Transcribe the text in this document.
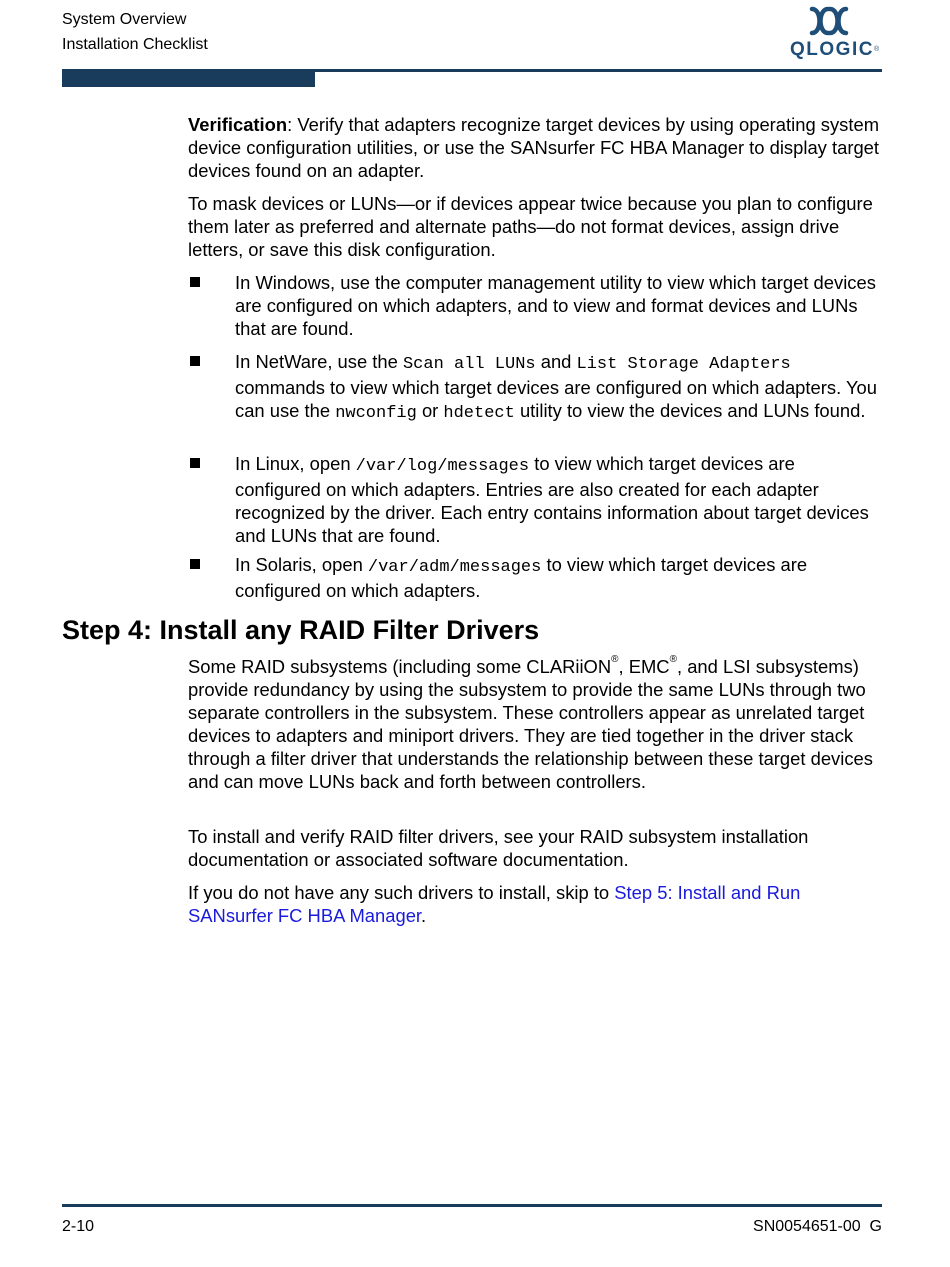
System Overview
Installation Checklist	QLOGIC®
Verification: Verify that adapters recognize target devices by using operating system device configuration utilities, or use the SANsurfer FC HBA Manager to display target devices found on an adapter.
To mask devices or LUNs—or if devices appear twice because you plan to configure them later as preferred and alternate paths—do not format devices, assign drive letters, or save this disk configuration.
In Windows, use the computer management utility to view which target devices are configured on which adapters, and to view and format devices and LUNs that are found.
In NetWare, use the Scan all LUNs and List Storage Adapters commands to view which target devices are configured on which adapters. You can use the nwconfig or hdetect utility to view the devices and LUNs found.
In Linux, open /var/log/messages to view which target devices are configured on which adapters. Entries are also created for each adapter recognized by the driver. Each entry contains information about target devices and LUNs that are found.
In Solaris, open /var/adm/messages to view which target devices are configured on which adapters.
Step 4: Install any RAID Filter Drivers
Some RAID subsystems (including some CLARiiON®, EMC®, and LSI subsystems) provide redundancy by using the subsystem to provide the same LUNs through two separate controllers in the subsystem. These controllers appear as unrelated target devices to adapters and miniport drivers. They are tied together in the driver stack through a filter driver that understands the relationship between these target devices and can move LUNs back and forth between controllers.
To install and verify RAID filter drivers, see your RAID subsystem installation documentation or associated software documentation.
If you do not have any such drivers to install, skip to Step 5: Install and Run SANsurfer FC HBA Manager.
2-10	SN0054651-00  G
